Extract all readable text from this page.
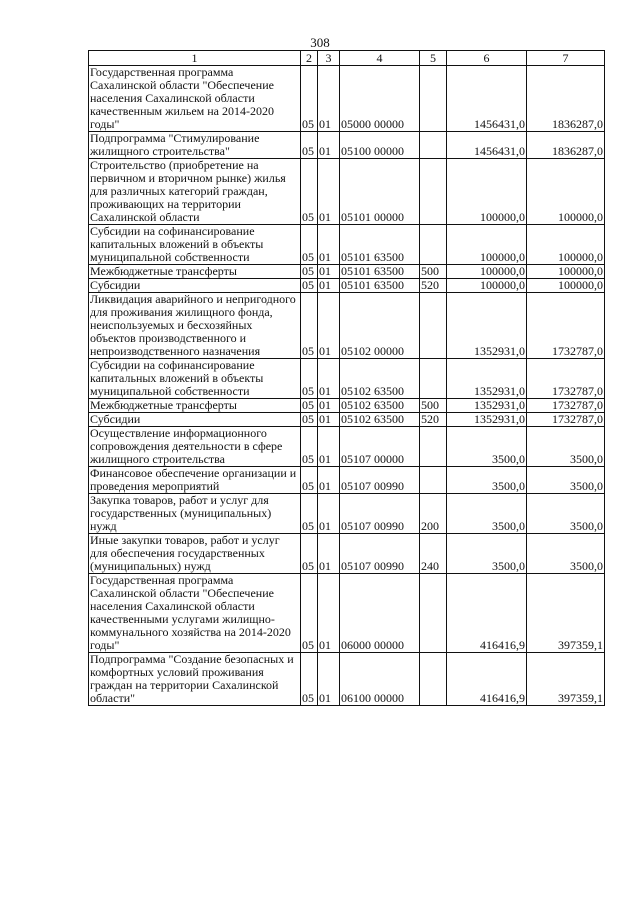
308
1	2	3	4	5	6	7
Государственная программа Сахалинской области "Обеспечение населения Сахалинской области качественным жильем на 2014-2020 годы"	05	01	05000 00000		1456431,0	1836287,0
Подпрограмма "Стимулирование жилищного строительства"	05	01	05100 00000		1456431,0	1836287,0
Строительство (приобретение на первичном и вторичном рынке) жилья для различных категорий граждан, проживающих на территории Сахалинской области	05	01	05101 00000		100000,0	100000,0
Субсидии на софинансирование капитальных вложений в объекты муниципальной собственности	05	01	05101 63500		100000,0	100000,0
Межбюджетные трансферты	05	01	05101 63500	500	100000,0	100000,0
Субсидии	05	01	05101 63500	520	100000,0	100000,0
Ликвидация аварийного и непригодного для проживания жилищного фонда, неиспользуемых и бесхозяйных объектов производственного и непроизводственного назначения	05	01	05102 00000		1352931,0	1732787,0
Субсидии на софинансирование капитальных вложений в объекты муниципальной собственности	05	01	05102 63500		1352931,0	1732787,0
Межбюджетные трансферты	05	01	05102 63500	500	1352931,0	1732787,0
Субсидии	05	01	05102 63500	520	1352931,0	1732787,0
Осуществление информационного сопровождения деятельности в сфере жилищного строительства	05	01	05107 00000		3500,0	3500,0
Финансовое обеспечение организации и проведения мероприятий	05	01	05107 00990		3500,0	3500,0
Закупка товаров, работ и услуг для государственных (муниципальных) нужд	05	01	05107 00990	200	3500,0	3500,0
Иные закупки товаров, работ и услуг для обеспечения государственных (муниципальных) нужд	05	01	05107 00990	240	3500,0	3500,0
Государственная программа Сахалинской области "Обеспечение населения Сахалинской области качественными услугами жилищно-коммунального хозяйства на 2014-2020 годы"	05	01	06000 00000		416416,9	397359,1
Подпрограмма "Создание безопасных и комфортных условий проживания граждан на территории Сахалинской области"	05	01	06100 00000		416416,9	397359,1
